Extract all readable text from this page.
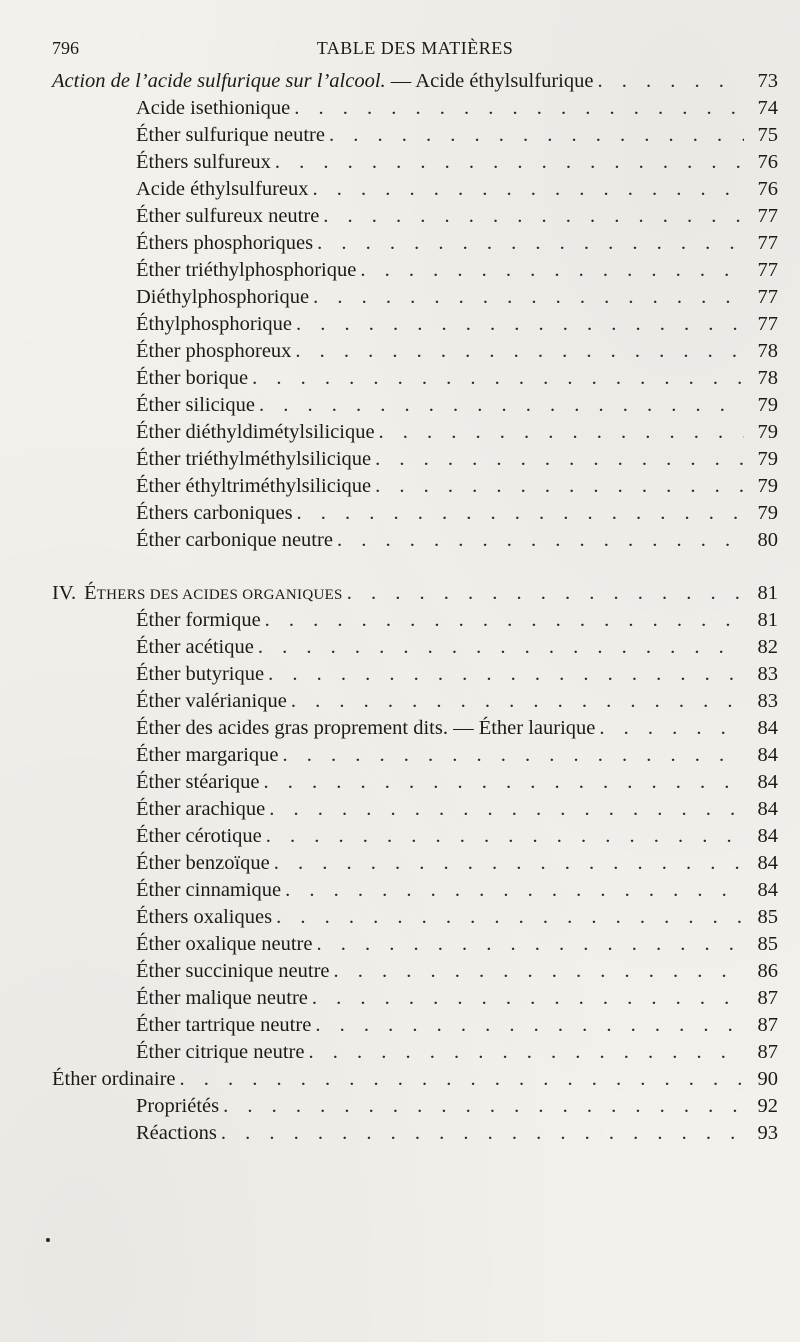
796	TABLE DES MATIÈRES
Action de l’acide sulfurique sur l’alcool. — Acide éthylsulfurique . . .	73
Acide isethionique . . .	74
Éther sulfurique neutre . . .	75
Éthers sulfureux . . .	76
Acide éthylsulfureux . . .	76
Éther sulfureux neutre . . .	77
Éthers phosphoriques . . .	77
Éther triéthylphosphorique . . .	77
Diéthylphosphorique . . .	77
Éthylphosphorique . . .	77
Éther phosphoreux . . .	78
Éther borique . . .	78
Éther silicique . . .	79
Éther diéthyldimétylsilicique . . .	79
Éther triéthylméthylsilicique . . .	79
Éther éthyltriméthylsilicique . . .	79
Éthers carboniques . . .	79
Éther carbonique neutre . . .	80
IV. ÉTHERS DES ACIDES ORGANIQUES . . .	81
Éther formique . . .	81
Éther acétique . . .	82
Éther butyrique . . .	83
Éther valérianique . . .	83
Éther des acides gras proprement dits. — Éther laurique . . .	84
Éther margarique . . .	84
Éther stéarique . . .	84
Éther arachique . . .	84
Éther cérotique . . .	84
Éther benzoïque . . .	84
Éther cinnamique . . .	84
Éthers oxaliques . . .	85
Éther oxalique neutre . . .	85
Éther succinique neutre . . .	86
Éther malique neutre . . .	87
Éther tartrique neutre . . .	87
Éther citrique neutre . . .	87
Éther ordinaire . . .	90
Propriétés . . .	92
Réactions . . .	93
